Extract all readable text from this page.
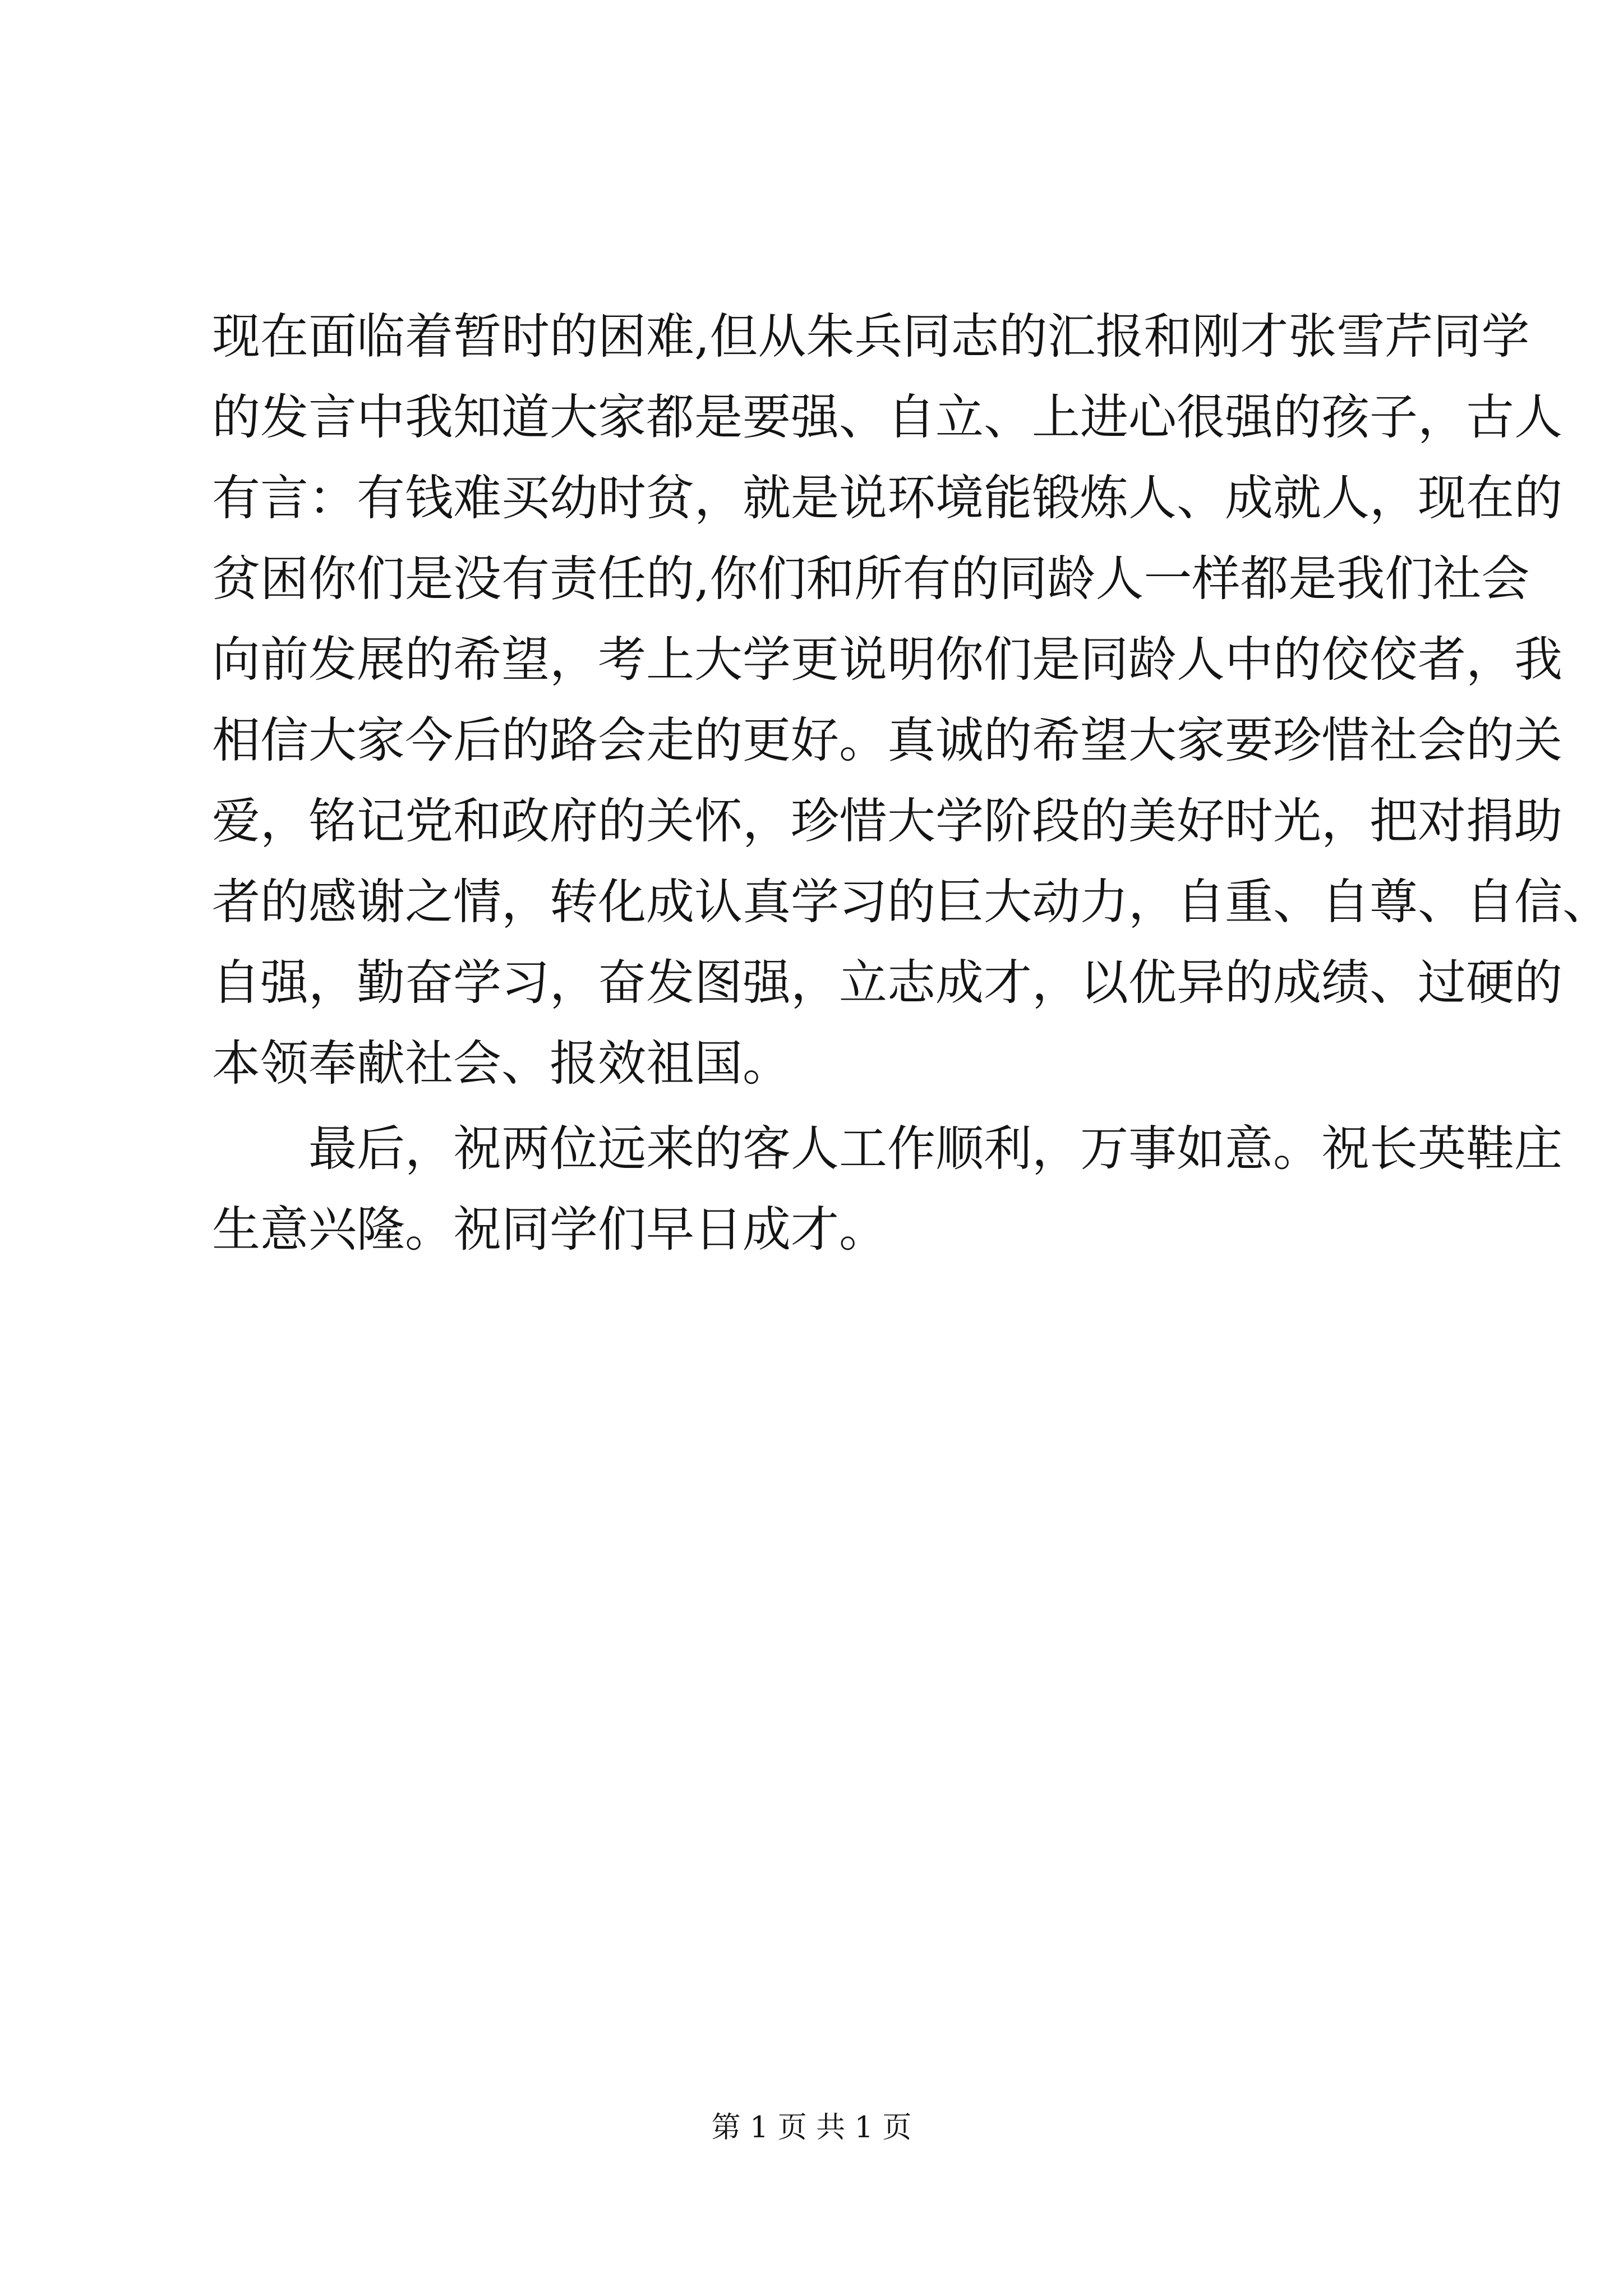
现在面临着暂时的困难,但从朱兵同志的汇报和刚才张雪芹同学
的发言中我知道大家都是要强、自立、上进心很强的孩子，古人
有言：有钱难买幼时贫，就是说环境能锻炼人、成就人，现在的
贫困你们是没有责任的,你们和所有的同龄人一样都是我们社会
向前发展的希望，考上大学更说明你们是同龄人中的佼佼者，我
相信大家今后的路会走的更好。真诚的希望大家要珍惜社会的关
爱，铭记党和政府的关怀，珍惜大学阶段的美好时光，把对捐助
者的感谢之情，转化成认真学习的巨大动力，自重、自尊、自信、
自强，勤奋学习，奋发图强，立志成才，以优异的成绩、过硬的
本领奉献社会、报效祖国。
最后，祝两位远来的客人工作顺利，万事如意。祝长英鞋庄
生意兴隆。祝同学们早日成才。
第 1 页 共 1 页
